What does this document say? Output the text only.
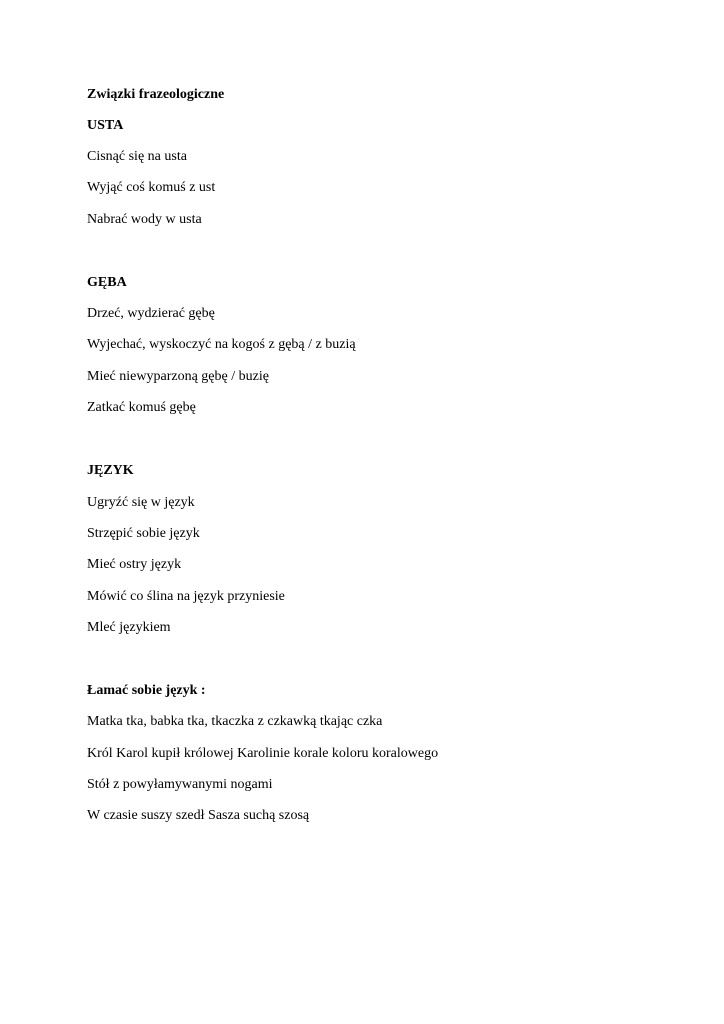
Związki frazeologiczne
USTA
Cisnąć się na usta
Wyjąć coś komuś z ust
Nabrać wody w usta
GĘBA
Drzeć, wydzierać gębę
Wyjechać, wyskoczyć na kogoś z gębą / z buzią
Mieć niewyparzoną gębę / buzię
Zatkać komuś gębę
JĘZYK
Ugryźć się w język
Strzępić sobie język
Mieć ostry język
Mówić co ślina na język przyniesie
Mleć językiem
Łamać sobie język :
Matka tka, babka tka, tkaczka z czkawką tkając czka
Król Karol kupił królowej Karolinie korale koloru koralowego
Stół z powyłamywanymi nogami
W czasie suszy szedł Sasza suchą szosą
